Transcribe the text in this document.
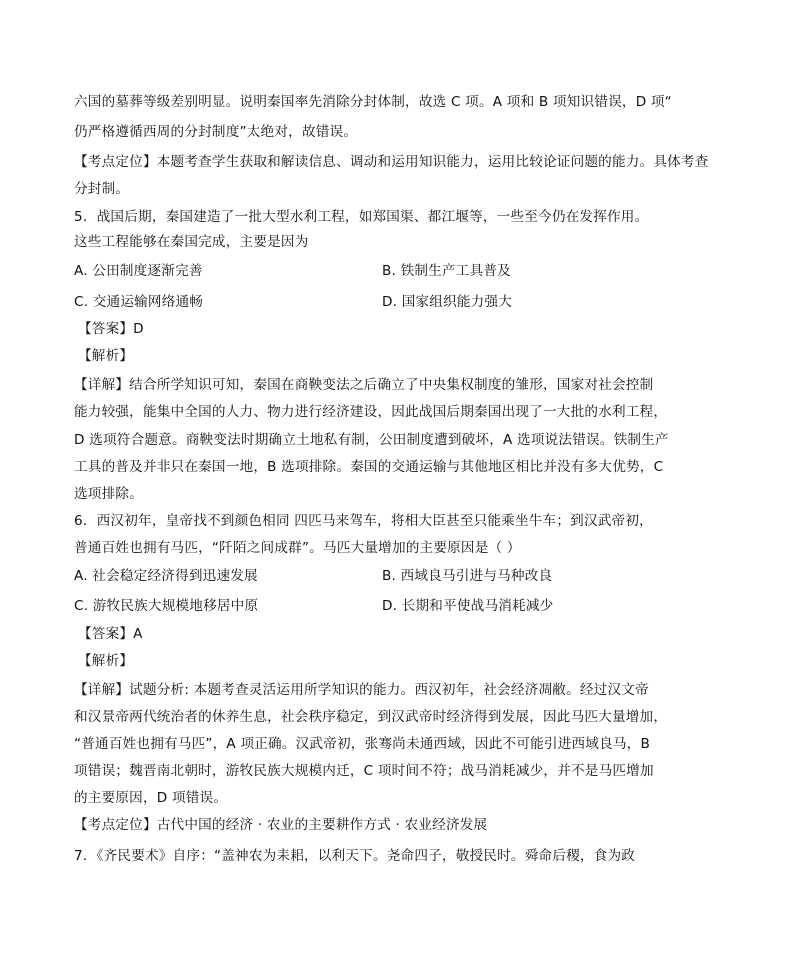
六国的墓葬等级差别明显。说明秦国率先消除分封体制，故选 C 项。A 项和 B 项知识错误，D 项“
仍严格遵循西周的分封制度”太绝对，故错误。
【考点定位】本题考查学生获取和解读信息、调动和运用知识能力，运用比较论证问题的能力。具体考查
分封制。
5．战国后期，秦国建造了一批大型水利工程，如郑国渠、都江堰等，一些至今仍在发挥作用。
这些工程能够在秦国完成，主要是因为
A. 公田制度逐渐完善	B. 铁制生产工具普及
C. 交通运输网络通畅	D. 国家组织能力强大
【答案】D
【解析】
【详解】结合所学知识可知，秦国在商鞅变法之后确立了中央集权制度的雏形，国家对社会控制
能力较强，能集中全国的人力、物力进行经济建设，因此战国后期秦国出现了一大批的水利工程，
D 选项符合题意。商鞅变法时期确立土地私有制，公田制度遭到破坏，A 选项说法错误。铁制生产
工具的普及并非只在秦国一地，B 选项排除。秦国的交通运输与其他地区相比并没有多大优势，C
选项排除。
6．西汉初年，皇帝找不到颜色相同 四匹马来驾车，将相大臣甚至只能乘坐牛车；到汉武帝初，
普通百姓也拥有马匹，“阡陌之间成群”。马匹大量增加的主要原因是（ ）
A. 社会稳定经济得到迅速发展	B. 西域良马引进与马种改良
C. 游牧民族大规模地移居中原	D. 长期和平使战马消耗减少
【答案】A
【解析】
【详解】试题分析: 本题考查灵活运用所学知识的能力。西汉初年，社会经济凋敝。经过汉文帝
和汉景帝两代统治者的休养生息，社会秩序稳定，到汉武帝时经济得到发展，因此马匹大量增加，
“普通百姓也拥有马匹”，A 项正确。汉武帝初，张骞尚未通西域，因此不可能引进西域良马，B
项错误；魏晋南北朝时，游牧民族大规模内迁，C 项时间不符；战马消耗减少，并不是马匹增加
的主要原因，D 项错误。
【考点定位】古代中国的经济 · 农业的主要耕作方式 · 农业经济发展
7．《齐民要术》自序：“盖神农为耒耜，以利天下。尧命四子，敬授民时。舜命后稷，食为政
